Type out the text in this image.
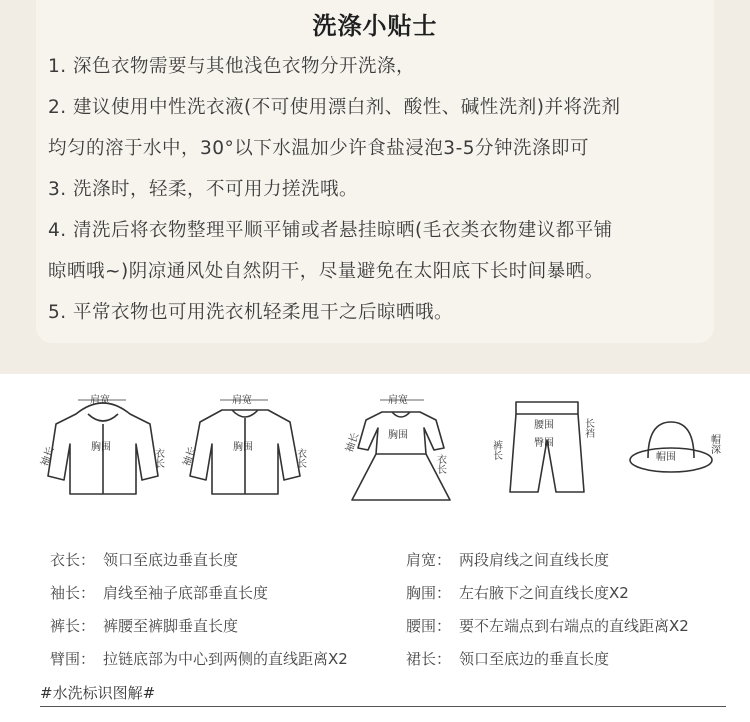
洗涤小贴士
1. 深色衣物需要与其他浅色衣物分开洗涤，
2. 建议使用中性洗衣液(不可使用漂白剂、酸性、碱性洗剂)并将洗剂
均匀的溶于水中，30°以下水温加少许食盐浸泡3-5分钟洗涤即可
3. 洗涤时，轻柔，不可用力搓洗哦。
4. 清洗后将衣物整理平顺平铺或者悬挂晾晒(毛衣类衣物建议都平铺
晾晒哦~)阴凉通风处自然阴干，尽量避免在太阳底下长时间暴晒。
5. 平常衣物也可用洗衣机轻柔甩干之后晾晒哦。
肩宽
胸围
袖长	衣长
肩宽
胸围
袖长	衣长
肩宽
胸围
袖长
衣长
腰围
臀围
裤长
长裆
帽围
帽深
衣长： 领口至底边垂直长度
袖长： 肩线至袖子底部垂直长度
裤长： 裤腰至裤脚垂直长度
臂围： 拉链底部为中心到两侧的直线距离X2
肩宽： 两段肩线之间直线长度
胸围： 左右腋下之间直线长度X2
腰围： 要不左端点到右端点的直线距离X2
裙长： 领口至底边的垂直长度
#水洗标识图解#
